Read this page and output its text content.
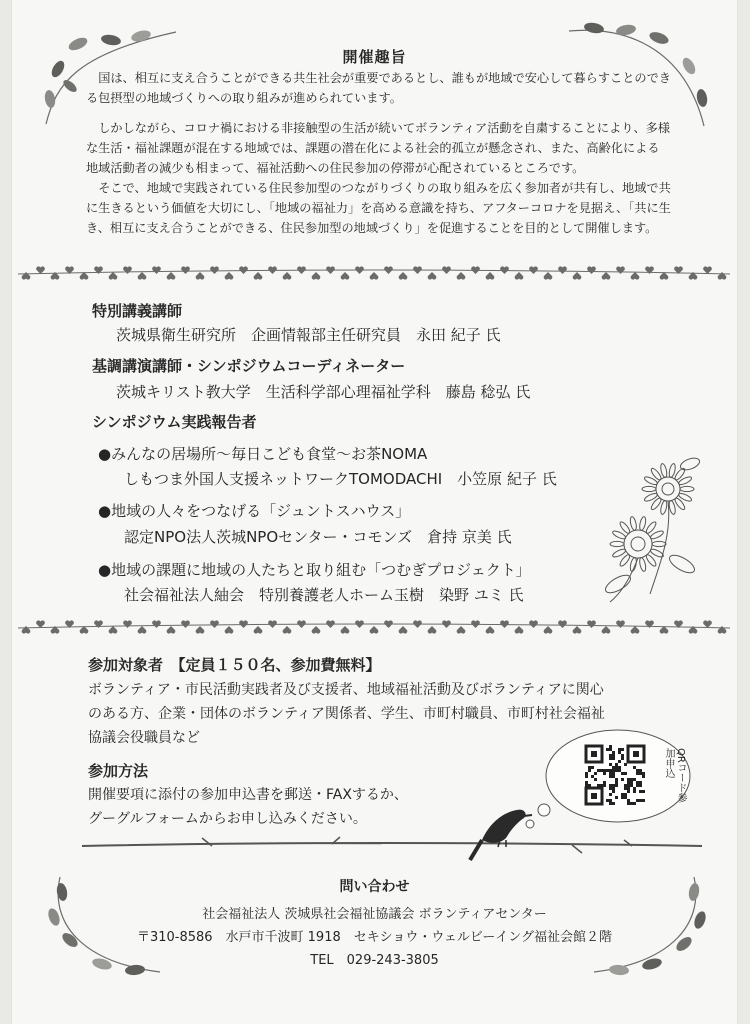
開催趣旨

国は、相互に支え合うことができる共生社会が重要であるとし、誰もが地域で安心して暮らすことのできる包摂型の地域づくりへの取り組みが進められています。

しかしながら、コロナ禍における非接触型の生活が続いてボランティア活動を自粛することにより、多様な生活・福祉課題が混在する地域では、課題の潜在化による社会的孤立が懸念され、また、高齢化による地域活動者の減少も相まって、福祉活動への住民参加の停滞が心配されているところです。

そこで、地域で実践されている住民参加型のつながりづくりの取り組みを広く参加者が共有し、地域で共に生きるという価値を大切にし、「地域の福祉力」を高める意識を持ち、アフターコロナを見据え、「共に生き、相互に支え合うことができる、住民参加型の地域づくり」を促進することを目的として開催します。

特別講義講師
茨城県衛生研究所　企画情報部主任研究員　永田 紀子 氏
基調講演講師・シンポジウムコーディネーター
茨城キリスト教大学　生活科学部心理福祉学科　藤島 稔弘 氏
シンポジウム実践報告者
●みんなの居場所～毎日こども食堂～お茶NOMA
しもつま外国人支援ネットワークTOMODACHI　小笠原 紀子 氏
●地域の人々をつなげる「ジュントスハウス」
認定NPO法人茨城NPOセンター・コモンズ　倉持 京美 氏
●地域の課題に地域の人たちと取り組む「つむぎプロジェクト」
社会福祉法人紬会　特別養護老人ホーム玉樹　染野 ユミ 氏
参加対象者　【定員１５０名、参加費無料】
ボランティア・市民活動実践者及び支援者、地域福祉活動及びボランティアに関心
のある方、企業・団体のボランティア関係者、学生、市町村職員、市町村社会福祉
協議会役職員など
参加方法
開催要項に添付の参加申込書を郵送・FAXするか、
グーグルフォームからお申し込みください。
QRコード参加申込
問い合わせ
社会福祉法人 茨城県社会福祉協議会 ボランティアセンター
〒310-8586　水戸市千波町 1918　セキショウ・ウェルビーイング福祉会館２階
TEL　029-243-3805
